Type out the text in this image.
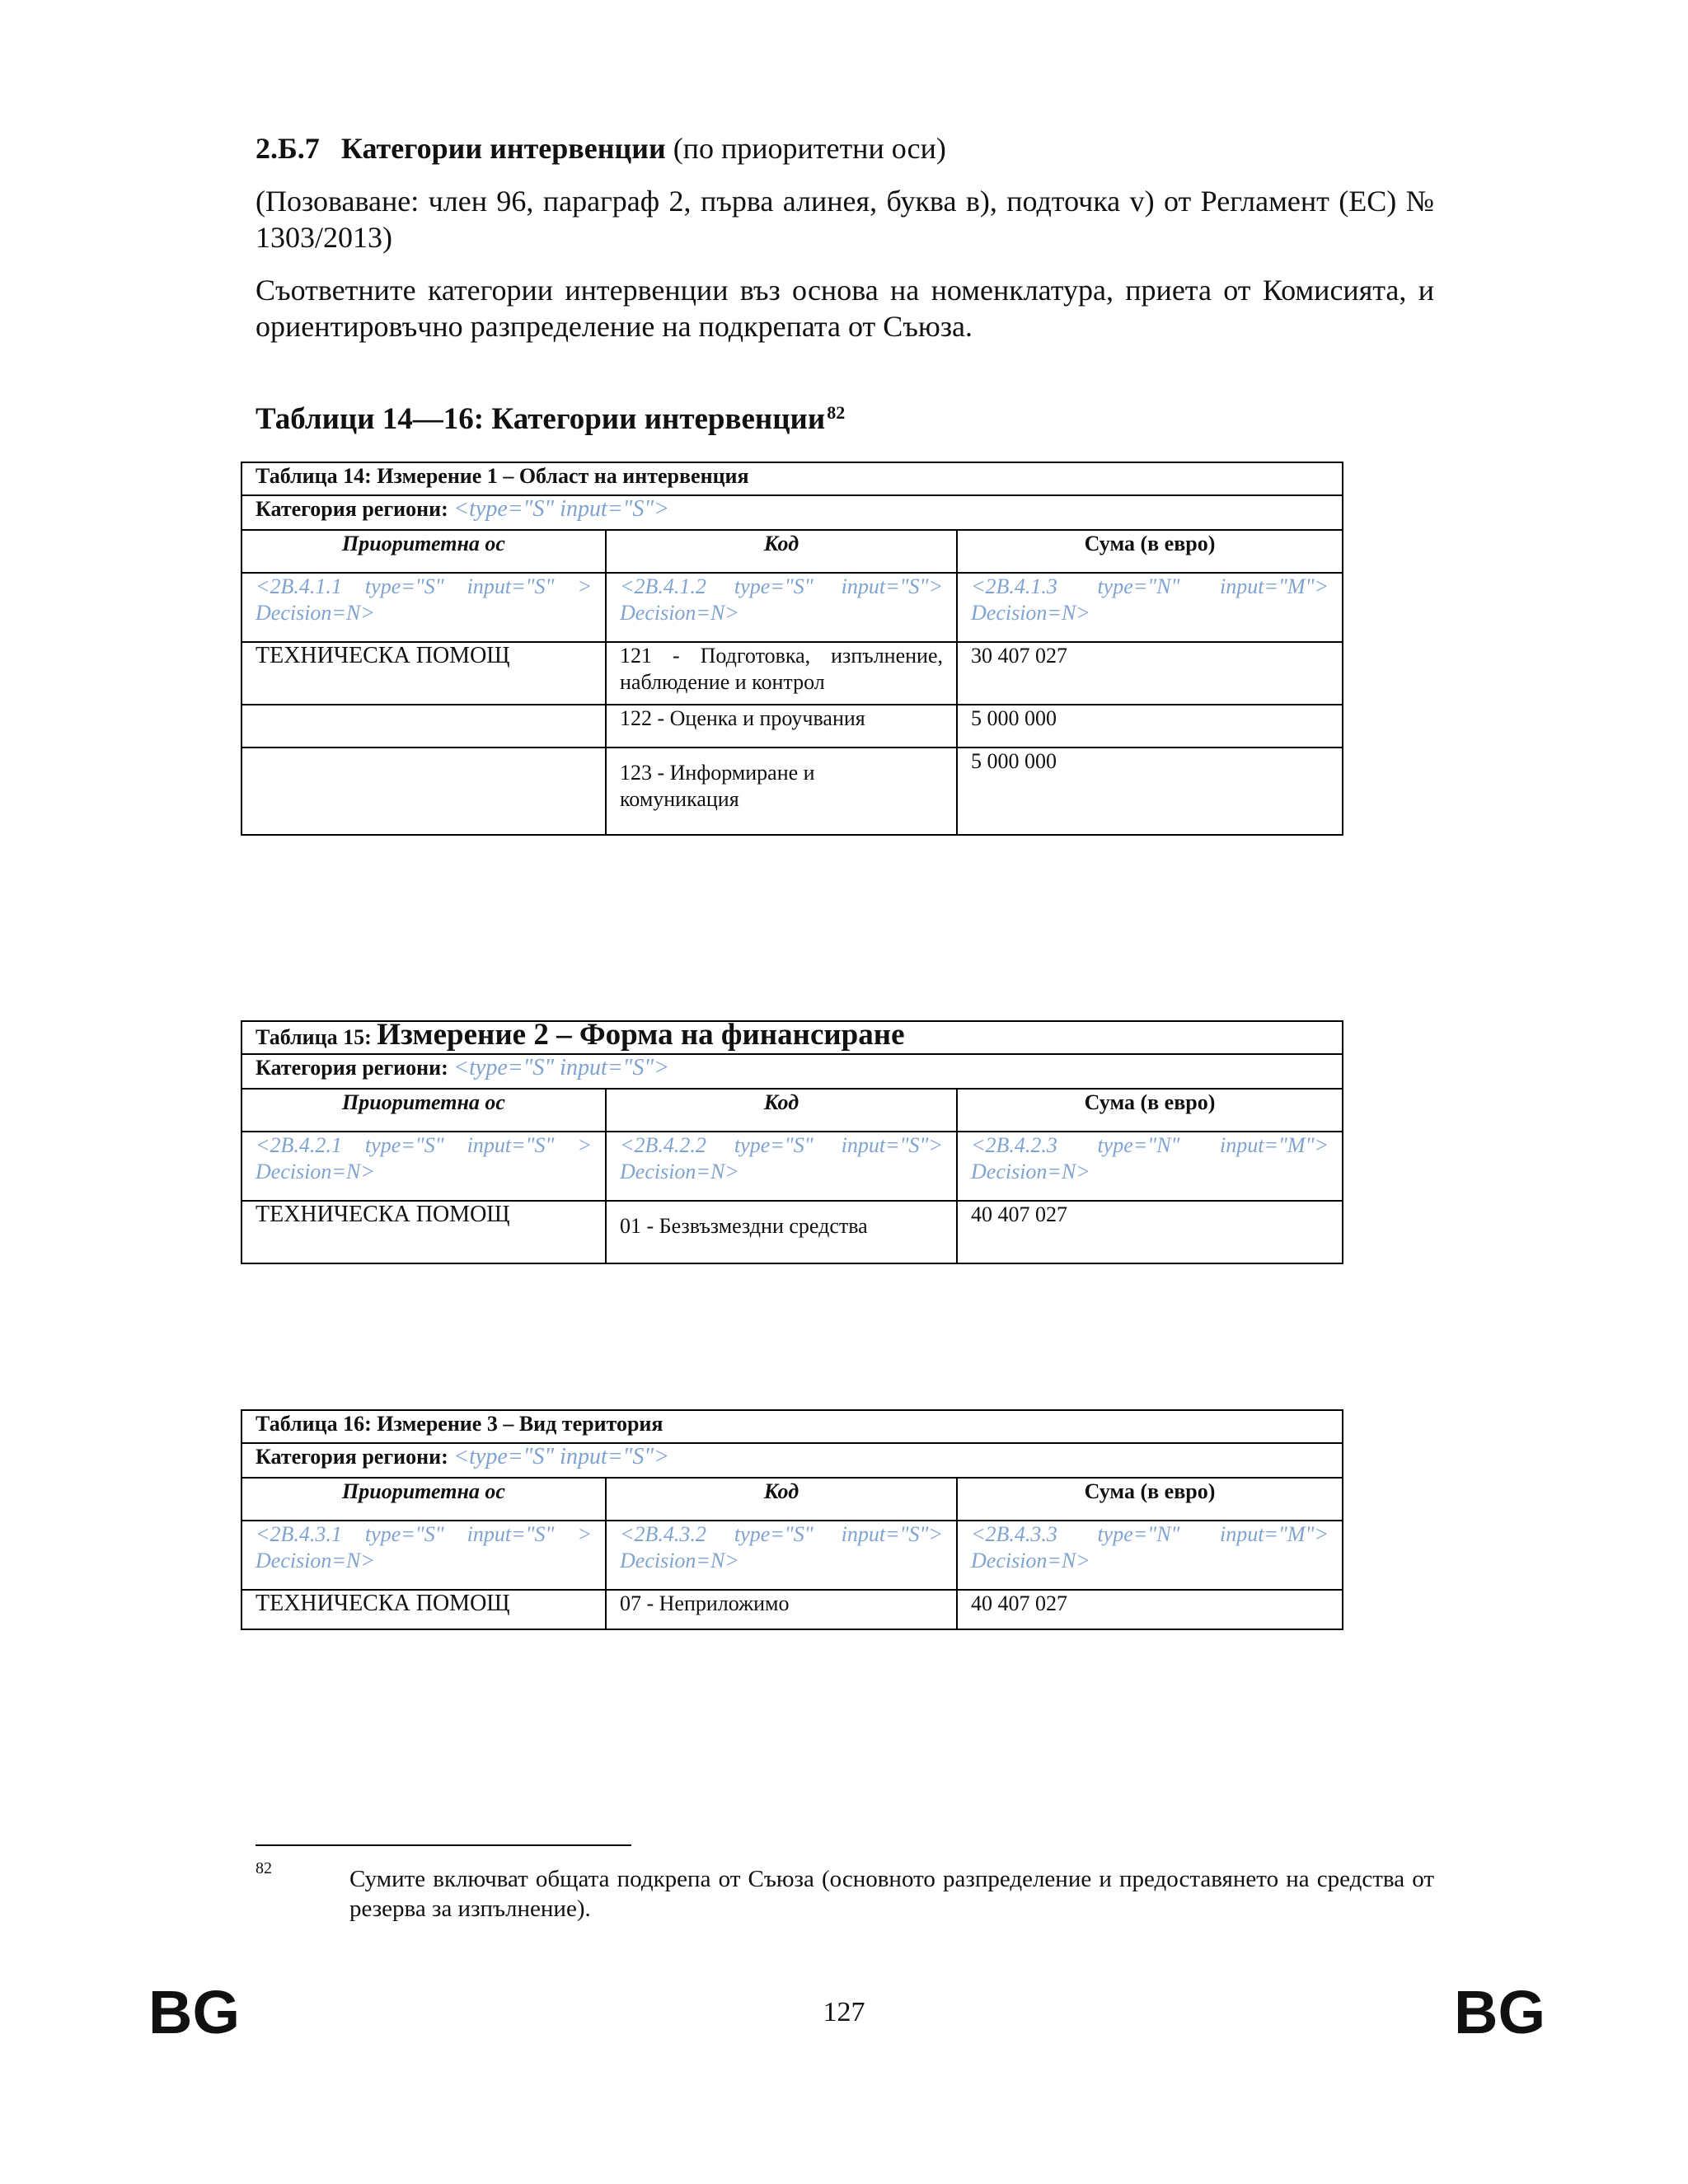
2.Б.7 Категории интервенции (по приоритетни оси)
(Позоваване: член 96, параграф 2, първа алинея, буква в), подточка v) от Регламент (ЕС) № 1303/2013)
Съответните категории интервенции въз основа на номенклатура, приета от Комисията, и ориентировъчно разпределение на подкрепата от Съюза.
Таблици 14—16: Категории интервенции$^{82}$
Таблица 14: Измерение 1 – Област на интервенция		
Категория региони: <type="S" input="S">		
Приоритетна ос	Код	Сума (в евро)
<2B.4.1.1 type="S" input="S" > Decision=N>	<2B.4.1.2 type="S" input="S"> Decision=N>	<2B.4.1.3 type="N" input="M"> Decision=N>
ТЕХНИЧЕСКА ПОМОЩ	121 - Подготовка, изпълнение, наблюдение и контрол	30 407 027
	122 - Оценка и проучвания	5 000 000

	123 - Информиране и комуникация	5 000 000
Таблица 15: Измерение 2 – Форма на финансиране		
Категория региони: <type="S" input="S">		
Приоритетна ос	Код	Сума (в евро)
<2B.4.2.1 type="S" input="S" > Decision=N>	<2B.4.2.2 type="S" input="S"> Decision=N>	<2B.4.2.3 type="N" input="M"> Decision=N>
ТЕХНИЧЕСКА ПОМОЩ	01 - Безвъзмездни средства	40 407 027
Таблица 16: Измерение 3 – Вид територия		
Категория региони: <type="S" input="S">		
Приоритетна ос	Код	Сума (в евро)
<2B.4.3.1 type="S" input="S" > Decision=N>	<2B.4.3.2 type="S" input="S"> Decision=N>	<2B.4.3.3 type="N" input="M"> Decision=N>
ТЕХНИЧЕСКА ПОМОЩ	07 - Неприложимо	40 407 027
82	Сумите включват общата подкрепа от Съюза (основното разпределение и предоставянето на средства от резерва за изпълнение).
BG	127	BG
